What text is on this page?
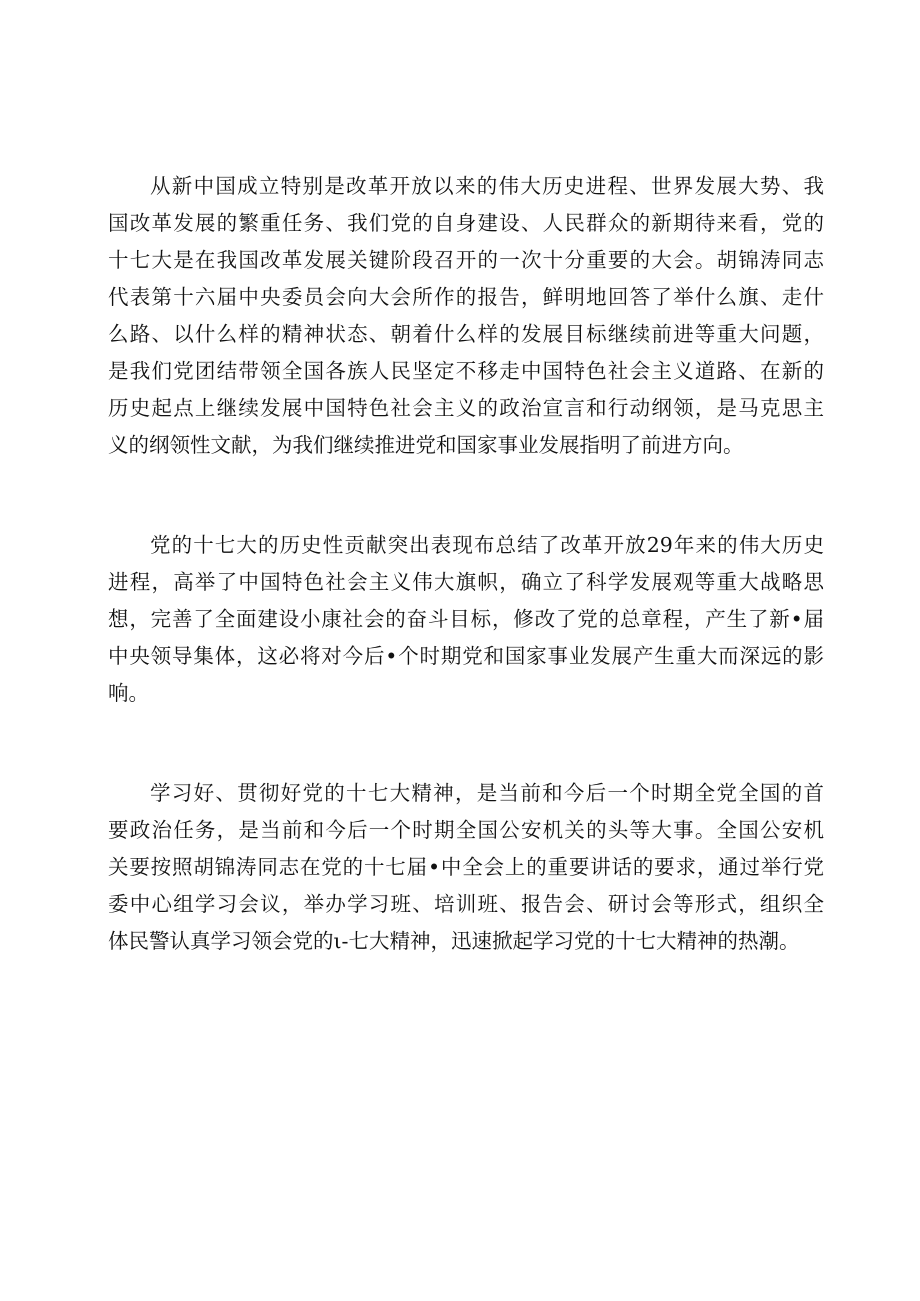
从新中国成立特别是改革开放以来的伟大历史进程、世界发展大势、我
国改革发展的繁重任务、我们党的自身建设、人民群众的新期待来看，党的
十七大是在我国改革发展关键阶段召开的一次十分重要的大会。胡锦涛同志
代表第十六届中央委员会向大会所作的报告，鲜明地回答了举什么旗、走什
么路、以什么样的精神状态、朝着什么样的发展目标继续前进等重大问题，
是我们党团结带领全国各族人民坚定不移走中国特色社会主义道路、在新的
历史起点上继续发展中国特色社会主义的政治宣言和行动纲领，是马克思主
义的纲领性文献，为我们继续推进党和国家事业发展指明了前进方向。
党的十七大的历史性贡献突出表现布总结了改革开放29年来的伟大历史
进程，高举了中国特色社会主义伟大旗帜，确立了科学发展观等重大战略思
想，完善了全面建设小康社会的奋斗目标，修改了党的总章程，产生了新•届
中央领导集体，这必将对今后•个时期党和国家事业发展产生重大而深远的影
响。
学习好、贯彻好党的十七大精神，是当前和今后一个时期全党全国的首
要政治任务，是当前和今后一个时期全国公安机关的头等大事。全国公安机
关要按照胡锦涛同志在党的十七届•中全会上的重要讲话的要求，通过举行党
委中心组学习会议，举办学习班、培训班、报告会、研讨会等形式，组织全
体民警认真学习领会党的ι-七大精神，迅速掀起学习党的十七大精神的热潮。
